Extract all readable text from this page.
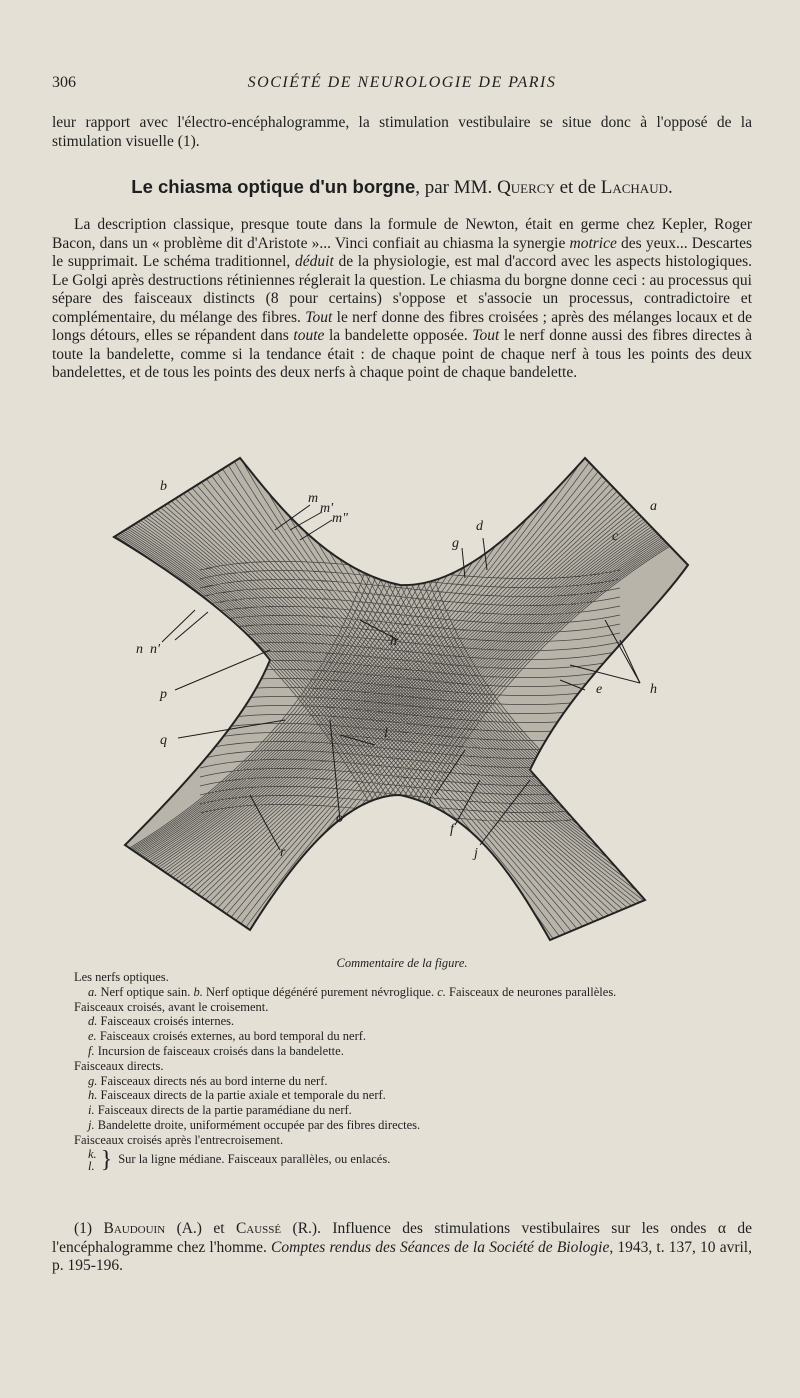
306	SOCIÉTÉ DE NEUROLOGIE DE PARIS

leur rapport avec l'électro-encéphalogramme, la stimulation vestibulaire se situe donc à l'opposé de la stimulation visuelle (1).

Le chiasma optique d'un borgne, par MM. Quercy et de Lachaud.

La description classique, presque toute dans la formule de Newton, était en germe chez Kepler, Roger Bacon, dans un « problème dit d'Aristote »... Vinci confiait au chiasma la synergie motrice des yeux... Descartes le supprimait. Le schéma traditionnel, déduit de la physiologie, est mal d'accord avec les aspects histologiques. Le Golgi après destructions rétiniennes réglerait la question. Le chiasma du borgne donne ceci : au processus qui sépare des faisceaux distincts (8 pour certains) s'oppose et s'associe un processus, contradictoire et complémentaire, du mélange des fibres. Tout le nerf donne des fibres croisées ; après des mélanges locaux et de longs détours, elles se répandent dans toute la bandelette opposée. Tout le nerf donne aussi des fibres directes à toute la bandelette, comme si la tendance était : de chaque point de chaque nerf à tous les points des deux bandelettes, et de tous les points des deux nerfs à chaque point de chaque bandelette.

a
b
c
d
e
f
g
h
h
i
j
l
m
m'
m"
n n'
o
p
q
r

Commentaire de la figure.

Les nerfs optiques.
a. Nerf optique sain. b. Nerf optique dégénéré purement névroglique. c. Faisceaux de neurones parallèles.
Faisceaux croisés, avant le croisement.
d. Faisceaux croisés internes.
e. Faisceaux croisés externes, au bord temporal du nerf.
f. Incursion de faisceaux croisés dans la bandelette.
Faisceaux directs.
g. Faisceaux directs nés au bord interne du nerf.
h. Faisceaux directs de la partie axiale et temporale du nerf.
i. Faisceaux directs de la partie paramédiane du nerf.
j. Bandelette droite, uniformément occupée par des fibres directes.
Faisceaux croisés après l'entrecroisement.
k.
l. } Sur la ligne médiane. Faisceaux parallèles, ou enlacés.

(1) Baudouin (A.) et Caussé (R.). Influence des stimulations vestibulaires sur les ondes α de l'encéphalogramme chez l'homme. Comptes rendus des Séances de la Société de Biologie, 1943, t. 137, 10 avril, p. 195-196.
